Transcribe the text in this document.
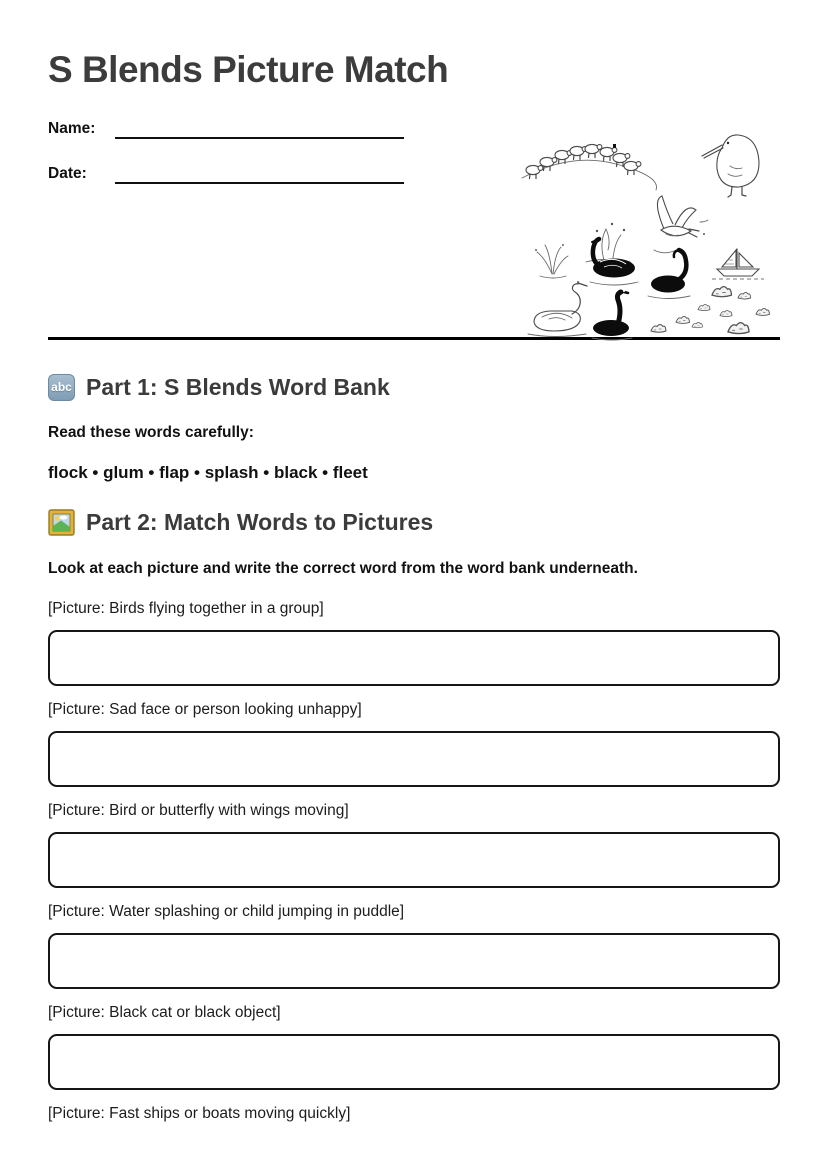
S Blends Picture Match
Name:
Date:
abc Part 1: S Blends Word Bank

Read these words carefully:

flock • glum • flap • splash • black • fleet

Part 2: Match Words to Pictures

Look at each picture and write the correct word from the word bank underneath.

[Picture: Birds flying together in a group]

[Picture: Sad face or person looking unhappy]

[Picture: Bird or butterfly with wings moving]

[Picture: Water splashing or child jumping in puddle]

[Picture: Black cat or black object]

[Picture: Fast ships or boats moving quickly]
